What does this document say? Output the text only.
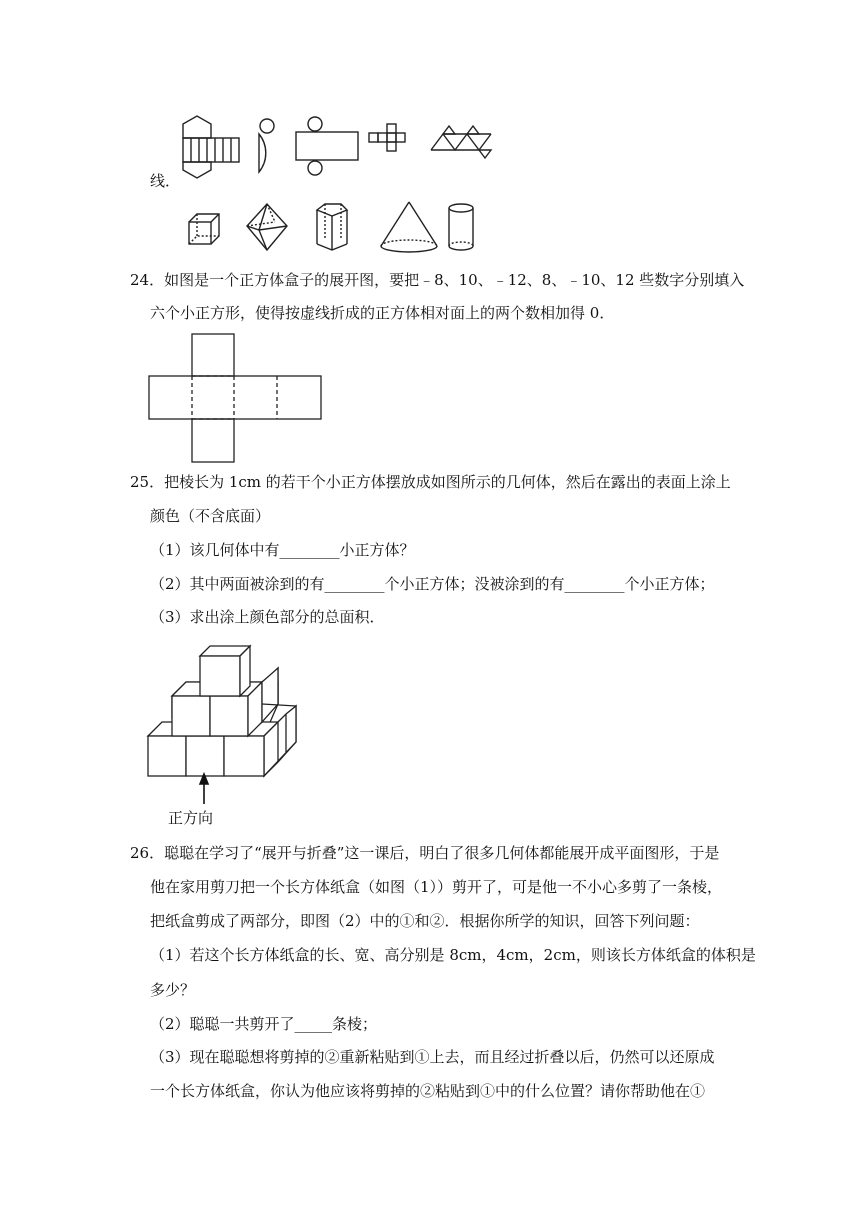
线．
24．如图是一个正方体盒子的展开图，要把﹣8、10、﹣12、8、﹣10、12 些数字分别填入
六个小正方形，使得按虚线折成的正方体相对面上的两个数相加得 0．
25．把棱长为 1cm 的若干个小正方体摆放成如图所示的几何体，然后在露出的表面上涂上
颜色（不含底面）
（1）该几何体中有________小正方体？
（2）其中两面被涂到的有________个小正方体；没被涂到的有________个小正方体；
（3）求出涂上颜色部分的总面积．
正方向
26．聪聪在学习了“展开与折叠”这一课后，明白了很多几何体都能展开成平面图形，于是
他在家用剪刀把一个长方体纸盒（如图（1））剪开了，可是他一不小心多剪了一条棱，
把纸盒剪成了两部分，即图（2）中的①和②．根据你所学的知识，回答下列问题：
（1）若这个长方体纸盒的长、宽、高分别是 8cm，4cm，2cm，则该长方体纸盒的体积是
多少？
（2）聪聪一共剪开了_____条棱；
（3）现在聪聪想将剪掉的②重新粘贴到①上去，而且经过折叠以后，仍然可以还原成
一个长方体纸盒，你认为他应该将剪掉的②粘贴到①中的什么位置？请你帮助他在①
